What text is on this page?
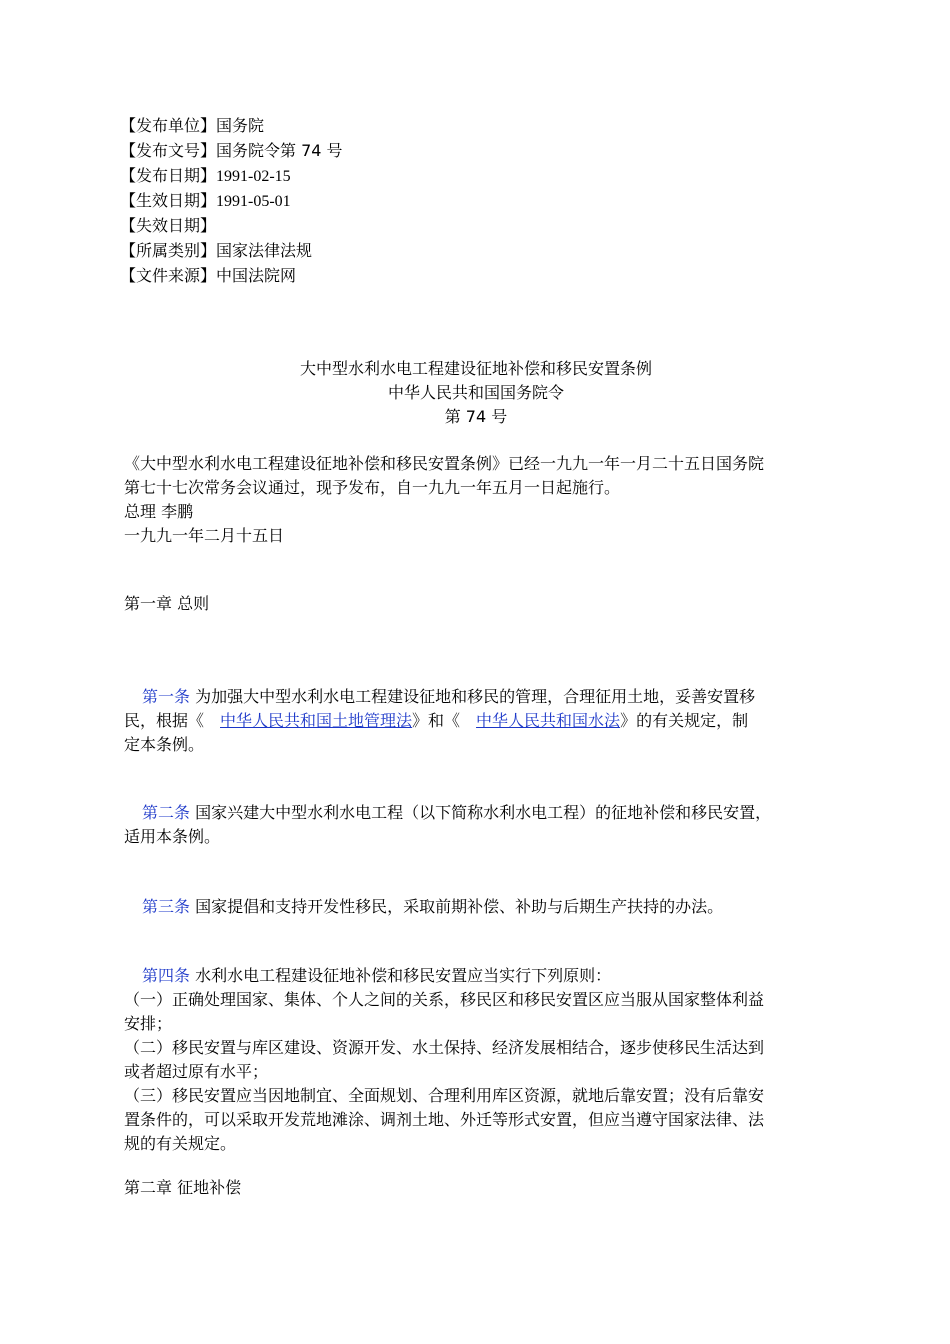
【发布单位】国务院
【发布文号】国务院令第 74 号
【发布日期】1991-02-15
【生效日期】1991-05-01
【失效日期】
【所属类别】国家法律法规
【文件来源】中国法院网
大中型水利水电工程建设征地补偿和移民安置条例
中华人民共和国国务院令
第 74 号
《大中型水利水电工程建设征地补偿和移民安置条例》已经一九九一年一月二十五日国务院
第七十七次常务会议通过，现予发布，自一九九一年五月一日起施行。
总理 李鹏
一九九一年二月十五日
第一章 总则
第一条 为加强大中型水利水电工程建设征地和移民的管理，合理征用土地，妥善安置移
民，根据《 中华人民共和国土地管理法》和《 中华人民共和国水法》的有关规定，制
定本条例。
第二条 国家兴建大中型水利水电工程（以下简称水利水电工程）的征地补偿和移民安置，
适用本条例。
第三条 国家提倡和支持开发性移民，采取前期补偿、补助与后期生产扶持的办法。
第四条 水利水电工程建设征地补偿和移民安置应当实行下列原则：
（一）正确处理国家、集体、个人之间的关系，移民区和移民安置区应当服从国家整体利益
安排；
（二）移民安置与库区建设、资源开发、水土保持、经济发展相结合，逐步使移民生活达到
或者超过原有水平；
（三）移民安置应当因地制宜、全面规划、合理利用库区资源，就地后靠安置；没有后靠安
置条件的，可以采取开发荒地滩涂、调剂土地、外迁等形式安置，但应当遵守国家法律、法
规的有关规定。
第二章 征地补偿
